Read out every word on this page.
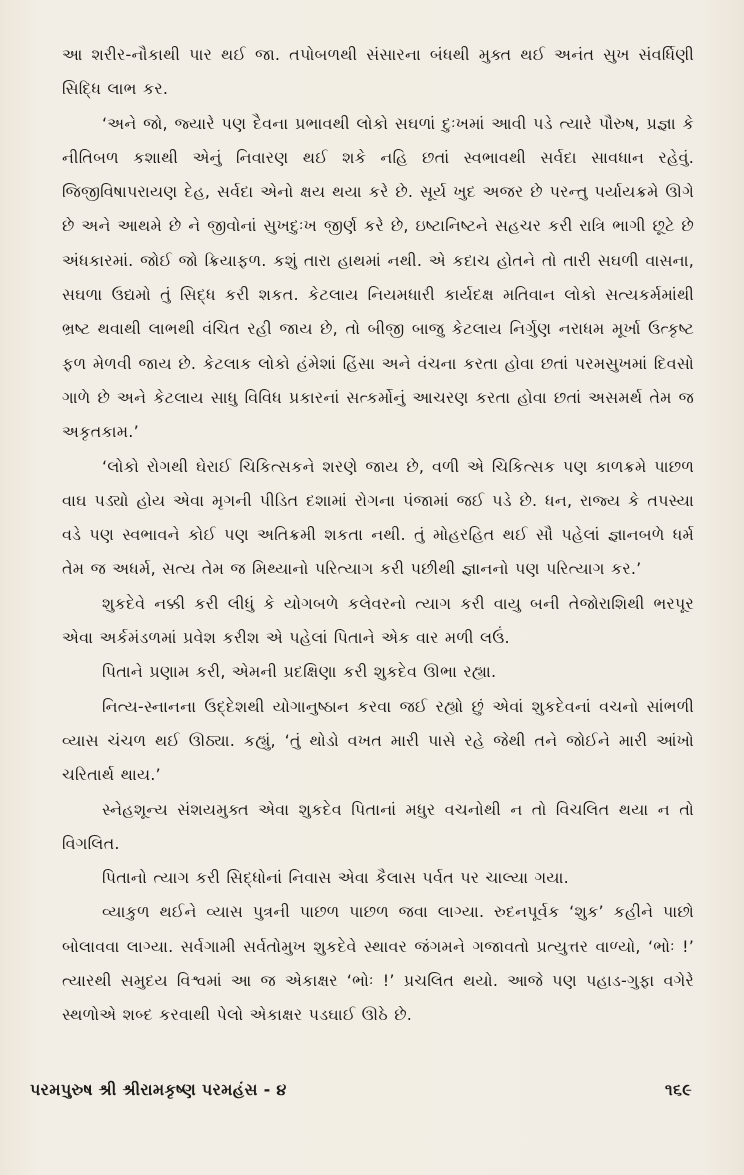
આ શરીર-નૌકાથી પાર થઈ જા. તપોબળથી સંસારના બંધથી મુક્ત થઈ અનંત સુખ સંવર્ધિણી સિદ્ધિ લાભ કર.

‘અને જો, જ્યારે પણ દૈવના પ્રભાવથી લોકો સઘળાં દુઃખમાં આવી પડે ત્યારે પૌરુષ, પ્રજ્ઞા કે નીતિબળ કશાથી એનું નિવારણ થઈ શકે નહિ છતાં સ્વભાવથી સર્વદા સાવધાન રહેવું. જિજીવિષાપરાયણ દેહ, સર્વદા એનો ક્ષય થયા કરે છે. સૂર્ય ખુદ અજર છે પરન્તુ પર્યાયક્રમે ઊગે છે અને આથમે છે ને જીવોનાં સુખદુઃખ જીર્ણ કરે છે, ઇષ્ટાનિષ્ટને સહચર કરી રાત્રિ ભાગી છૂટે છે અંધકારમાં. જોઈ જો ક્રિયાફળ. કશું તારા હાથમાં નથી. એ કદાચ હોતને તો તારી સઘળી વાસના, સઘળા ઉદ્યમો તું સિદ્ધ કરી શકત. કેટલાય નિયમધારી કાર્યદક્ષ મતિવાન લોકો સત્યકર્મમાંથી ભ્રષ્ટ થવાથી લાભથી વંચિત રહી જાય છે, તો બીજી બાજુ કેટલાય નિર્ગુણ નરાધમ મૂર્ખા ઉત્કૃષ્ટ ફળ મેળવી જાય છે. કેટલાક લોકો હંમેશાં હિંસા અને વંચના કરતા હોવા છતાં પરમસુખમાં દિવસો ગાળે છે અને કેટલાય સાધુ વિવિધ પ્રકારનાં સત્કર્મોનું આચરણ કરતા હોવા છતાં અસમર્થ તેમ જ અકૃતકામ.’

‘લોકો રોગથી ઘેરાઈ ચિકિત્સકને શરણે જાય છે, વળી એ ચિકિત્સક પણ કાળક્રમે પાછળ વાઘ પડ્યો હોય એવા મૃગની પીડિત દશામાં રોગના પંજામાં જઈ પડે છે. ધન, રાજ્ય કે તપસ્યા વડે પણ સ્વભાવને કોઈ પણ અતિક્રમી શકતા નથી. તું મોહરહિત થઈ સૌ પહેલાં જ્ઞાનબળે ધર્મ તેમ જ અધર્મ, સત્ય તેમ જ મિથ્યાનો પરિત્યાગ કરી પછીથી જ્ઞાનનો પણ પરિત્યાગ કર.’

શુકદેવે નક્કી કરી લીધું કે યોગબળે કલેવરનો ત્યાગ કરી વાયુ બની તેજોરાશિથી ભરપૂર એવા અર્કમંડળમાં પ્રવેશ કરીશ એ પહેલાં પિતાને એક વાર મળી લઉં.

પિતાને પ્રણામ કરી, એમની પ્રદક્ષિણા કરી શુકદેવ ઊભા રહ્યા.

નિત્ય-સ્નાનના ઉદ્દેશથી યોગાનુષ્ઠાન કરવા જઈ રહ્યો છું એવાં શુકદેવનાં વચનો સાંભળી વ્યાસ ચંચળ થઈ ઊઠ્યા. કહ્યું, ‘તું થોડો વખત મારી પાસે રહે જેથી તને જોઈને મારી આંખો ચરિતાર્થ થાય.’

સ્નેહશૂન્ય સંશયમુક્ત એવા શુકદેવ પિતાનાં મધુર વચનોથી ન તો વિચલિત થયા ન તો વિગલિત.

પિતાનો ત્યાગ કરી સિદ્ધોનાં નિવાસ એવા કૈલાસ પર્વત પર ચાલ્યા ગયા.

વ્યાકુળ થઈને વ્યાસ પુત્રની પાછળ પાછળ જવા લાગ્યા. રુદનપૂર્વક ‘શુક’ કહીને પાછો બોલાવવા લાગ્યા. સર્વગામી સર્વતોમુખ શુકદેવે સ્થાવર જંગમને ગજાવતો પ્રત્યુત્તર વાળ્યો, ‘ભોઃ !’ ત્યારથી સમુદય વિશ્વમાં આ જ એકાક્ષર ‘ભોઃ !’ પ્રચલિત થયો. આજે પણ પહાડ-ગુફા વગેરે સ્થળોએ શબ્દ કરવાથી પેલો એકાક્ષર પડઘાઈ ઊઠે છે.

પરમપુરુષ શ્રી શ્રીરામકૃષ્ણ પરમહંસ - ૪	૧૬૯
